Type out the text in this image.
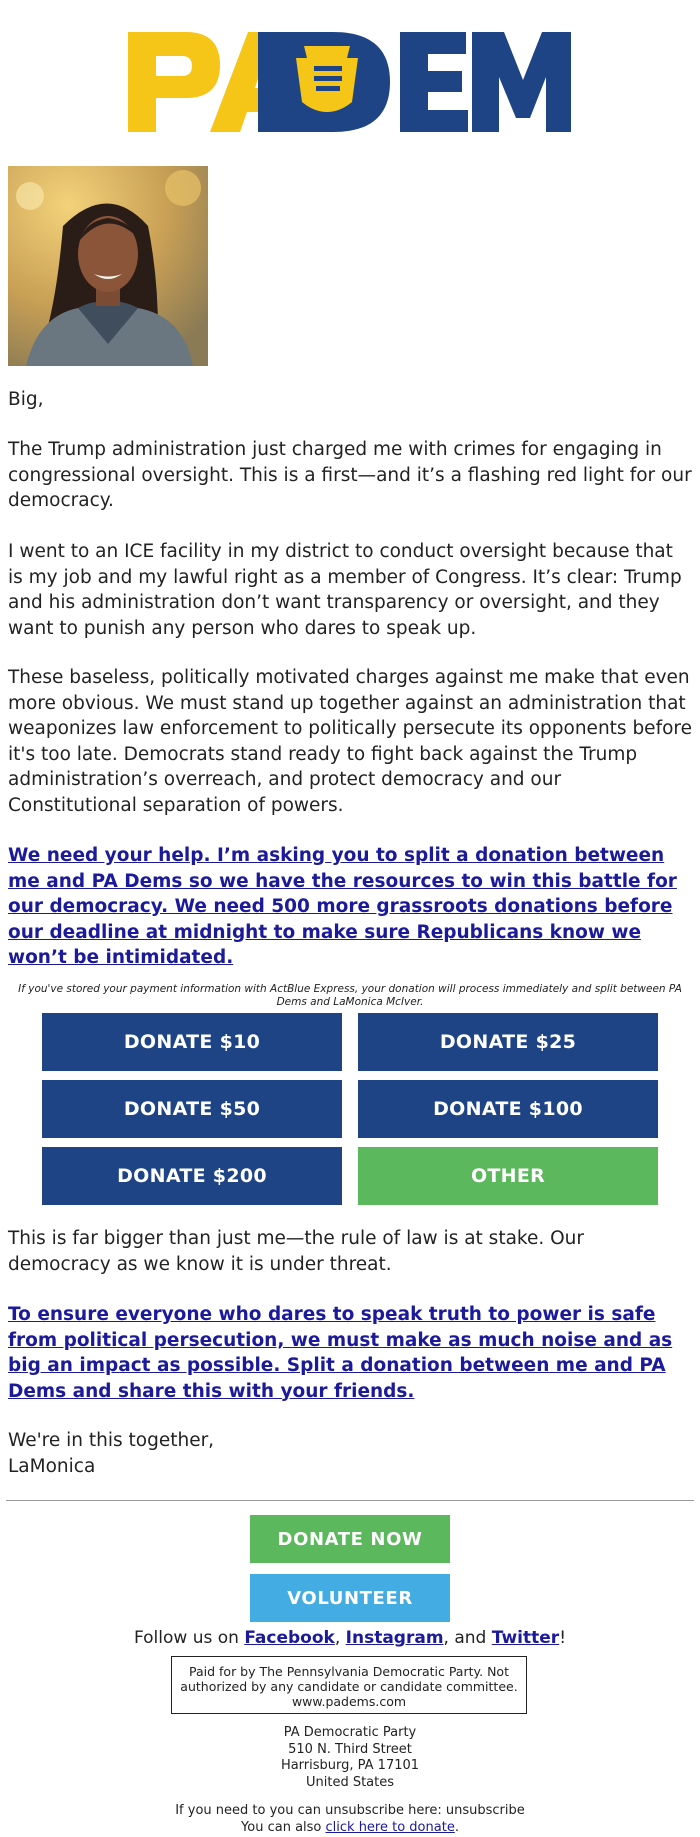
Big,
The Trump administration just charged me with crimes for engaging in congressional oversight. This is a first—and it’s a flashing red light for our democracy.
I went to an ICE facility in my district to conduct oversight because that is my job and my lawful right as a member of Congress. It’s clear: Trump and his administration don’t want transparency or oversight, and they want to punish any person who dares to speak up.
These baseless, politically motivated charges against me make that even more obvious. We must stand up together against an administration that weaponizes law enforcement to politically persecute its opponents before it's too late. Democrats stand ready to fight back against the Trump administration’s overreach, and protect democracy and our Constitutional separation of powers.
We need your help. I’m asking you to split a donation between me and PA Dems so we have the resources to win this battle for our democracy. We need 500 more grassroots donations before our deadline at midnight to make sure Republicans know we won’t be intimidated.
If you've stored your payment information with ActBlue Express, your donation will process immediately and split between PA Dems and LaMonica McIver.
DONATE $10	DONATE $25
DONATE $50	DONATE $100
DONATE $200	OTHER
This is far bigger than just me—the rule of law is at stake. Our democracy as we know it is under threat.
To ensure everyone who dares to speak truth to power is safe from political persecution, we must make as much noise and as big an impact as possible. Split a donation between me and PA Dems and share this with your friends.
We're in this together,
LaMonica
DONATE NOW
VOLUNTEER
Follow us on Facebook, Instagram, and Twitter!
Paid for by The Pennsylvania Democratic Party. Not
authorized by any candidate or candidate committee.
www.padems.com
PA Democratic Party
510 N. Third Street
Harrisburg, PA 17101
United States
If you need to you can unsubscribe here: unsubscribe
You can also click here to donate.
